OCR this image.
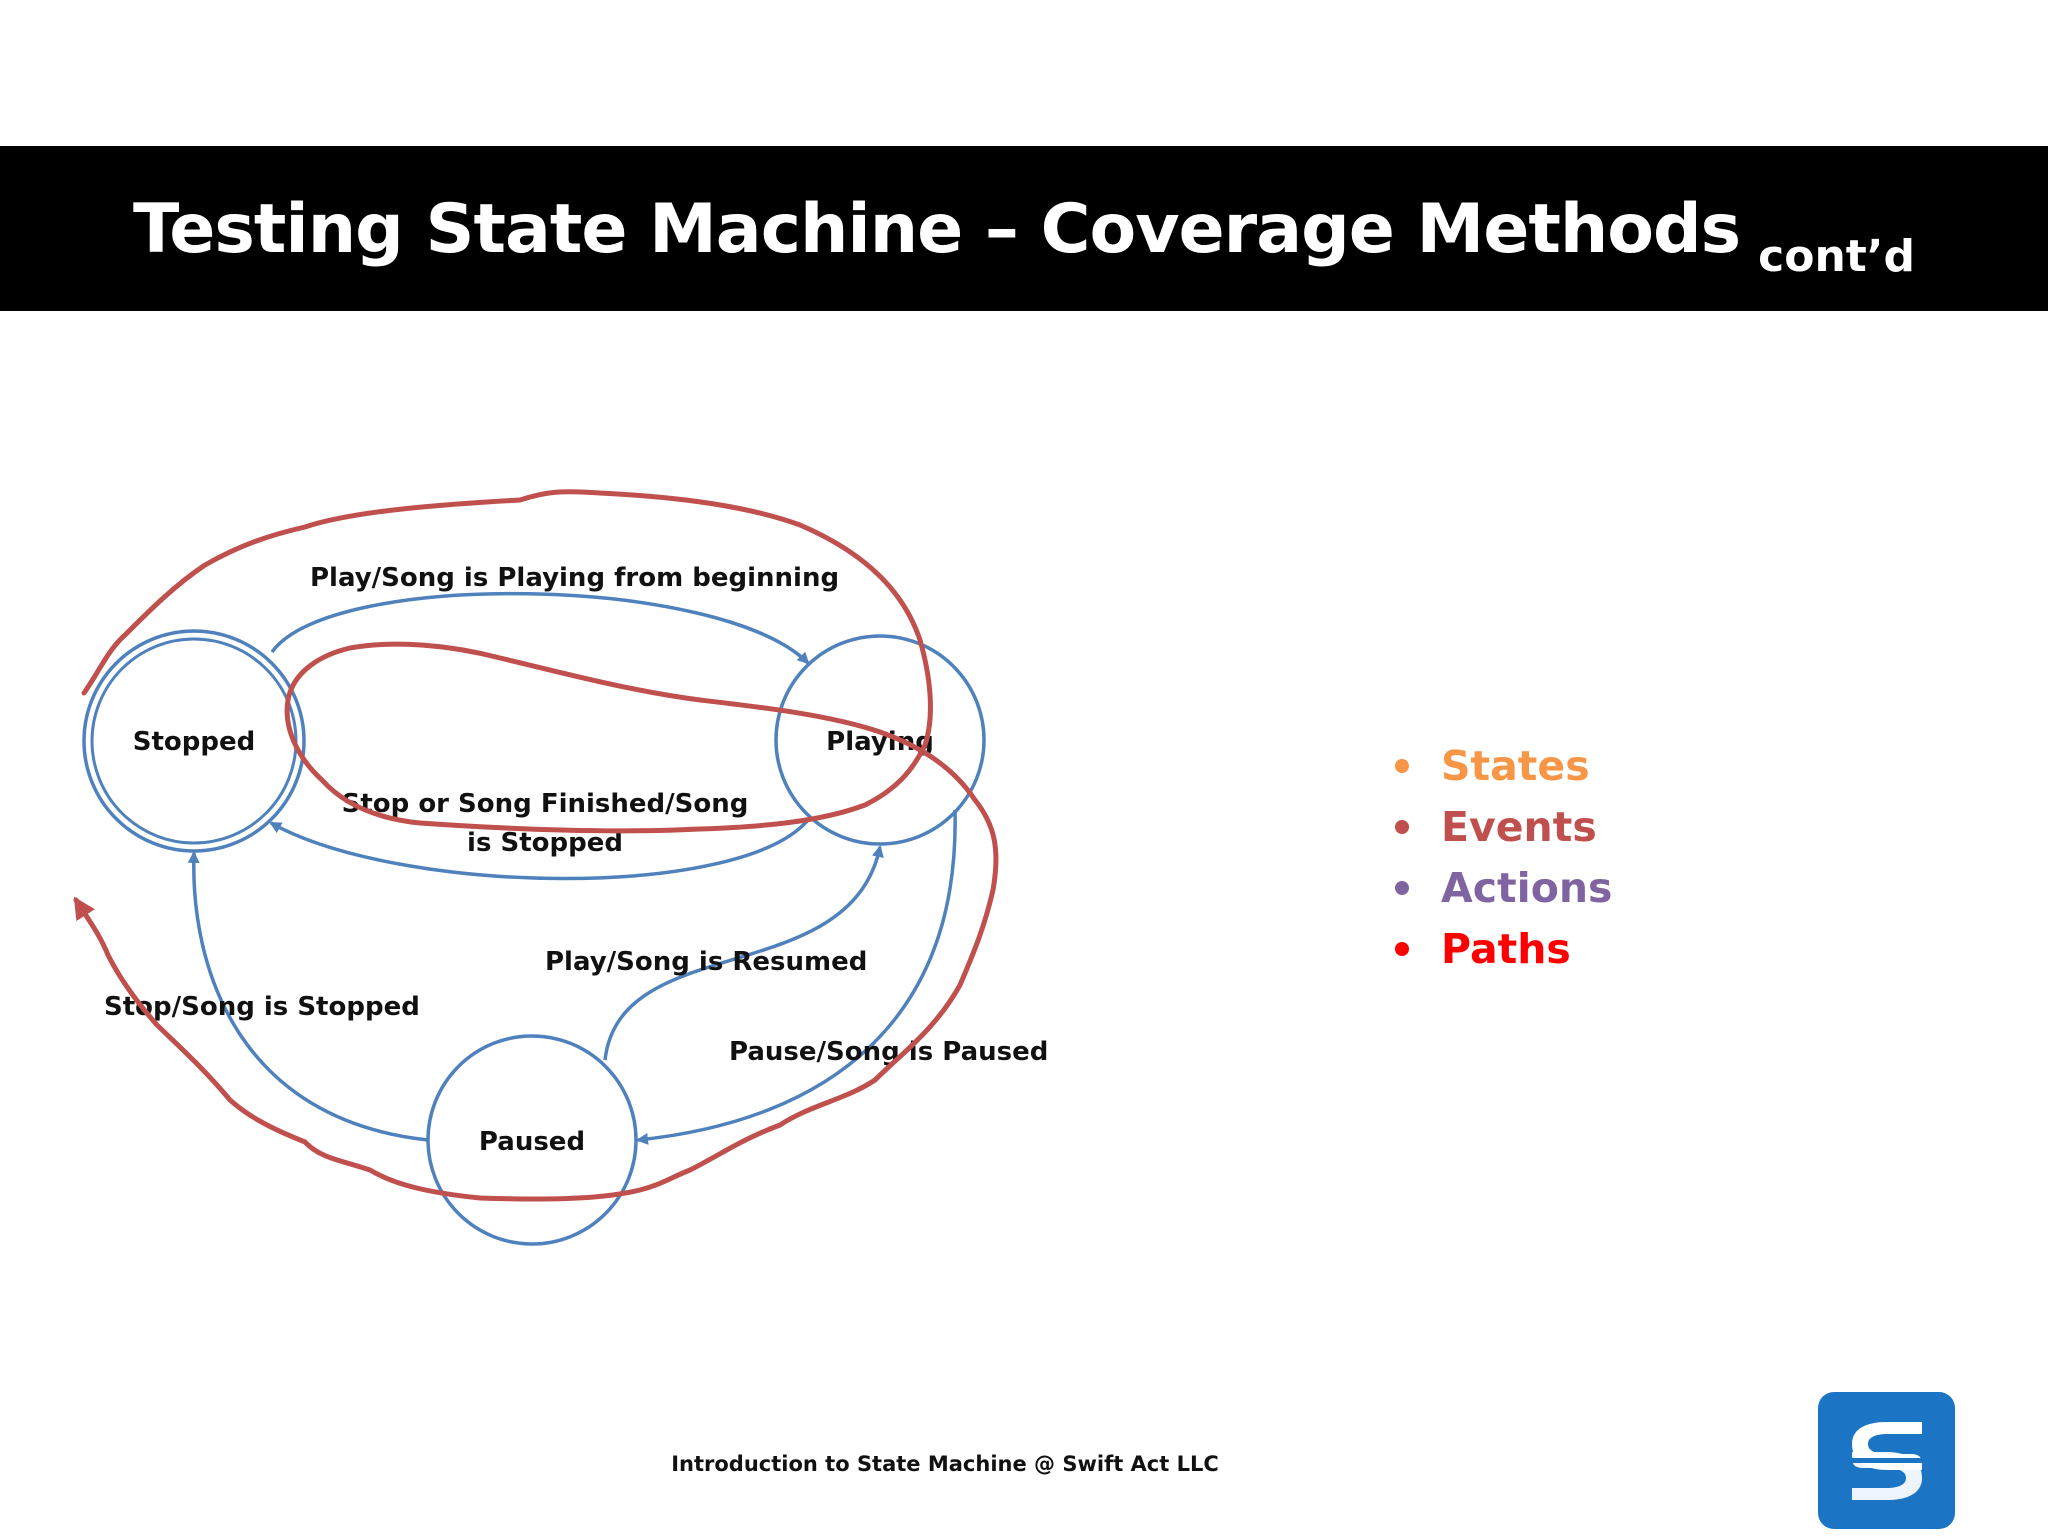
Testing State Machine – Coverage Methods cont’d
Stopped	Playing
Paused
Play/Song is Playing from beginning
Stop or Song Finished/Song
is Stopped
Play/Song is Resumed
Stop/Song is Stopped
Pause/Song is Paused
States
Events
Actions
Paths
Introduction to State Machine @ Swift Act LLC
